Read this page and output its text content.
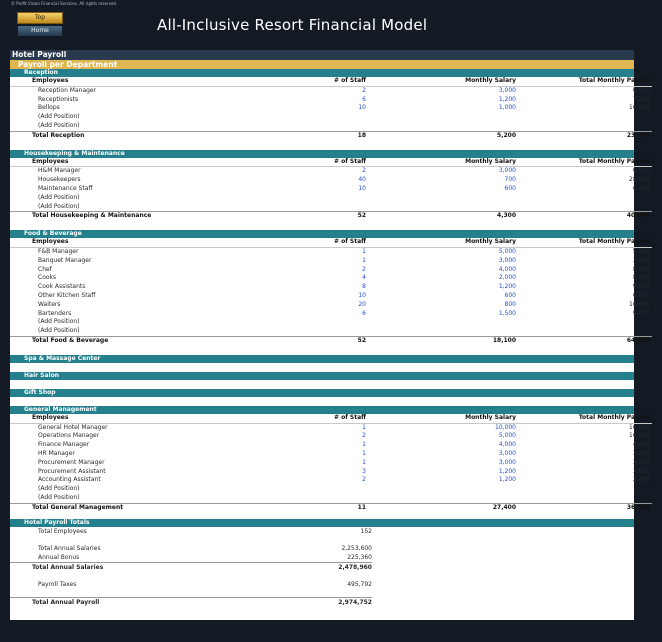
© Profit Vision Financial Services. All rights reserved.
Top
Home	All-Inclusive Resort Financial Model
Hotel Payroll
Payroll per Department
Reception
Employees	# of Staff	Monthly Salary	Total Monthly Payroll
Reception Manager	2	3,000	6,000
Receptionists	6	1,200	7,200
Bellops	10	1,000	10,000
(Add Position)			
(Add Position)			
Total Reception	18	5,200	23,200
Housekeeping & Maintenance
Employees	# of Staff	Monthly Salary	Total Monthly Payroll
H&M Manager	2	3,000	6,000
Housekeepers	40	700	28,000
Maintenance Staff	10	600	6,000
(Add Position)			
(Add Position)			
Total Housekeeping & Maintenance	52	4,300	40,000
Food & Beverage
Employees	# of Staff	Monthly Salary	Total Monthly Payroll
F&B Manager	1	5,000	5,000
Banquet Manager	1	3,000	3,000
Chef	2	4,000	8,000
Cooks	4	2,000	8,000
Cook Assistants	8	1,200	9,600
Other Kitchen Staff	10	600	6,000
Waiters	20	800	16,000
Bartenders	6	1,500	9,000
(Add Position)			
(Add Position)			
Total Food & Beverage	52	18,100	64,600
Spa & Massage Center
Hair Salon
Gift Shop
General Management
Employees	# of Staff	Monthly Salary	Total Monthly Payroll
General Hotel Manager	1	10,000	10,000
Operations Manager	2	5,000	10,000
Finance Manager	1	4,000	4,000
HR Manager	1	3,000	3,000
Procurement Manager	1	3,000	3,000
Procurement Assistant	3	1,200	3,600
Accounting Assistant	2	1,200	2,400
(Add Position)			
(Add Position)			
Total General Management	11	27,400	36,000
Hotel Payroll Totals
Total Employees	152	

Total Annual Salaries	2,253,600	
Annual Bonus	225,360	
Total Annual Salaries	2,478,960	

Payroll Taxes	495,792	

Total Annual Payroll	2,974,752	
